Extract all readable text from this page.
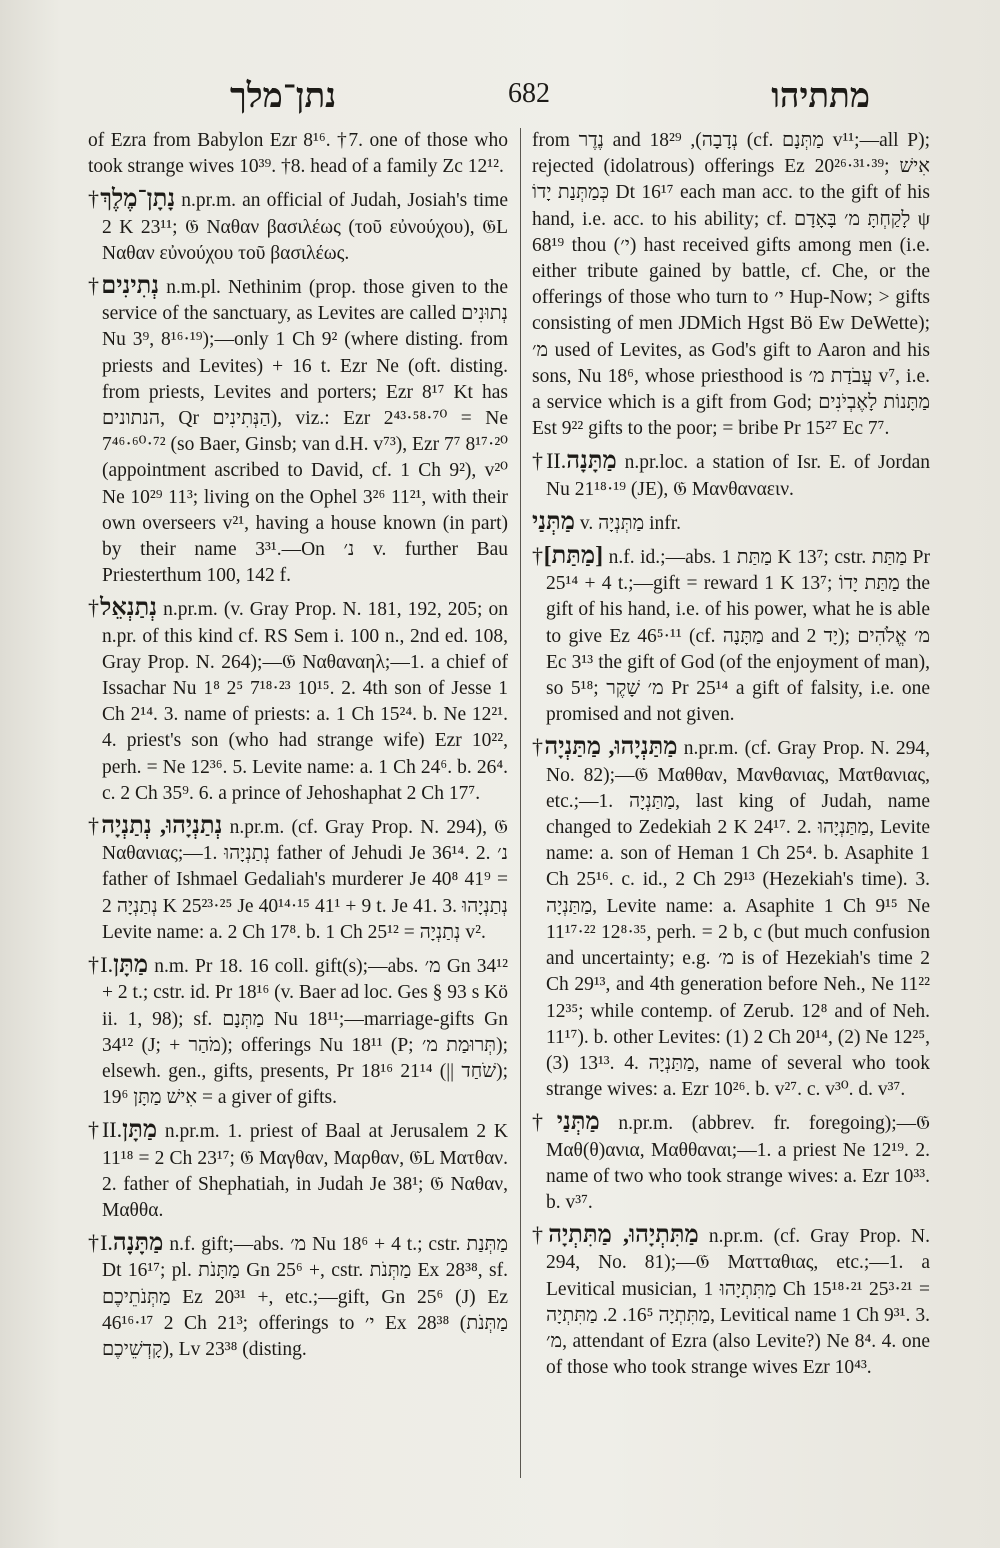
נתן־מלך	682	מתתיהו

of Ezra from Babylon Ezr 8¹⁶. †7. one of those who took strange wives 10³⁹. †8. head of a family Zc 12¹².

†נָתָן־מֶלֶךְ n.pr.m. an official of Judah, Josiah's time 2 K 23¹¹; 𝔊 Ναθαν βασιλέως (τοῦ εὐνούχου), 𝔊L Ναθαν εὐνούχου τοῦ βασιλέως.

†נְתִינִים n.m.pl. Nethinim (prop. those given to the service of the sanctuary, as Levites are called נְתוּנִים Nu 3⁹, 8¹⁶·¹⁹);—only 1 Ch 9² (where disting. from priests and Levites) + 16 t. Ezr Ne (oft. disting. from priests, Levites and porters; Ezr 8¹⁷ Kt has הנתונים, Qr הַנְּתִינִים), viz.: Ezr 2⁴³·⁵⁸·⁷⁰ = Ne 7⁴⁶·⁶⁰·⁷² (so Baer, Ginsb; van d.H. v⁷³), Ezr 7⁷ 8¹⁷·²⁰ (appointment ascribed to David, cf. 1 Ch 9²), v²⁰ Ne 10²⁹ 11³; living on the Ophel 3²⁶ 11²¹, with their own overseers v²¹, having a house known (in part) by their name 3³¹.—On נ׳ v. further Bau Priesterthum 100, 142 f.

†נְתַנְאֵל n.pr.m. (v. Gray Prop. N. 181, 192, 205; on n.pr. of this kind cf. RS Sem i. 100 n., 2nd ed. 108, Gray Prop. N. 264);—𝔊 Ναθαναηλ;—1. a chief of Issachar Nu 1⁸ 2⁵ 7¹⁸·²³ 10¹⁵. 2. 4th son of Jesse 1 Ch 2¹⁴. 3. name of priests: a. 1 Ch 15²⁴. b. Ne 12²¹. 4. priest's son (who had strange wife) Ezr 10²², perh. = Ne 12³⁶. 5. Levite name: a. 1 Ch 24⁶. b. 26⁴. c. 2 Ch 35⁹. 6. a prince of Jehoshaphat 2 Ch 17⁷.

†נְתַנְיָהוּ, נְתַנְיָה n.pr.m. (cf. Gray Prop. N. 294), 𝔊 Ναθανιας;—1. נְתַנְיָהוּ father of Jehudi Je 36¹⁴. 2. נ׳ father of Ishmael Gedaliah's murderer Je 40⁸ 41⁹ = נְתַנְיָה 2 K 25²³·²⁵ Je 40¹⁴·¹⁵ 41¹ + 9 t. Je 41. 3. נְתַנְיָהוּ Levite name: a. 2 Ch 17⁸. b. 1 Ch 25¹² = נְתַנְיָה v².

†I.מַתָּן n.m. Pr 18. 16 coll. gift(s);—abs. מ׳ Gn 34¹² + 2 t.; cstr. id. Pr 18¹⁶ (v. Baer ad loc. Ges § 93 s Kö ii. 1, 98); sf. מַתְּנָם Nu 18¹¹;—marriage-gifts Gn 34¹² (J; + מֹהַר); offerings Nu 18¹¹ (P; תְּרוּמַת מ׳); elsewh. gen., gifts, presents, Pr 18¹⁶ 21¹⁴ (|| שֹׁחַד); אִישׁ מַתָּן 19⁶ = a giver of gifts.

†II.מַתָּן n.pr.m. 1. priest of Baal at Jerusalem 2 K 11¹⁸ = 2 Ch 23¹⁷; 𝔊 Μαγθαν, Μαρθαν, 𝔊L Ματθαν. 2. father of Shephatiah, in Judah Je 38¹; 𝔊 Ναθαν, Μαθθα.

†I.מַתָּנָה n.f. gift;—abs. מ׳ Nu 18⁶ + 4 t.; cstr. מַתְּנַת Dt 16¹⁷; pl. מַתָּנֹת Gn 25⁶ +, cstr. מַתְּנֹת Ex 28³⁸, sf. מַתְּנֹתֵיכֶם Ez 20³¹ +, etc.;—gift, Gn 25⁶ (J) Ez 46¹⁶·¹⁷ 2 Ch 21³; offerings to י׳ Ex 28³⁸ (מַתְּנֹת קָדְשֵׁיכֶם), Lv 23³⁸ (disting.

from נֶדֶר and נְדָבָה), 18²⁹ (cf. מַתְּנָם v¹¹;—all P); rejected (idolatrous) offerings Ez 20²⁶·³¹·³⁹; אִישׁ כְּמַתְּנַת יָדוֹ Dt 16¹⁷ each man acc. to the gift of his hand, i.e. acc. to his ability; cf. לָקַחְתָּ מ׳ בָּאָדָם ψ 68¹⁹ thou (י׳) hast received gifts among men (i.e. either tribute gained by battle, cf. Che, or the offerings of those who turn to י׳ Hup-Now; > gifts consisting of men JDMich Hgst Bö Ew DeWette); מ׳ used of Levites, as God's gift to Aaron and his sons, Nu 18⁶, whose priesthood is עֲבֹדַת מ׳ v⁷, i.e. a service which is a gift from God; מַתָּנוֹת לָאֶבְיֹנִים Est 9²² gifts to the poor; = bribe Pr 15²⁷ Ec 7⁷.

†II.מַתָּנָה n.pr.loc. a station of Isr. E. of Jordan Nu 21¹⁸·¹⁹ (JE), 𝔊 Μανθαναειν.

מַתְּנַי v. מַתְּנְיָה infr.

†[מַתַּת] n.f. id.;—abs. מַתַּת 1 K 13⁷; cstr. מַתַּת Pr 25¹⁴ + 4 t.;—gift = reward 1 K 13⁷; מַתַּת יָדוֹ the gift of his hand, i.e. of his power, what he is able to give Ez 46⁵·¹¹ (cf. מַתָּנָה and יָד 2); מ׳ אֱלֹהִים Ec 3¹³ the gift of God (of the enjoyment of man), so 5¹⁸; מ׳ שָׁקֶר Pr 25¹⁴ a gift of falsity, i.e. one promised and not given.

†מַתַּנְיָהוּ, מַתַּנְיָה n.pr.m. (cf. Gray Prop. N. 294, No. 82);—𝔊 Μαθθαν, Μανθανιας, Ματθανιας, etc.;—1. מַתַּנְיָה, last king of Judah, name changed to Zedekiah 2 K 24¹⁷. 2. מַתַּנְיָהוּ, Levite name: a. son of Heman 1 Ch 25⁴. b. Asaphite 1 Ch 25¹⁶. c. id., 2 Ch 29¹³ (Hezekiah's time). 3. מַתַּנְיָה, Levite name: a. Asaphite 1 Ch 9¹⁵ Ne 11¹⁷·²² 12⁸·³⁵, perh. = 2 b, c (but much confusion and uncertainty; e.g. מ׳ is of Hezekiah's time 2 Ch 29¹³, and 4th generation before Neh., Ne 11²² 12³⁵; while contemp. of Zerub. 12⁸ and of Neh. 11¹⁷). b. other Levites: (1) 2 Ch 20¹⁴, (2) Ne 12²⁵, (3) 13¹³. 4. מַתַּנְיָה, name of several who took strange wives: a. Ezr 10²⁶. b. v²⁷. c. v³⁰. d. v³⁷.

†מַתְּנַי n.pr.m. (abbrev. fr. foregoing);—𝔊 Μαθ(θ)ανια, Μαθθαναι;—1. a priest Ne 12¹⁹. 2. name of two who took strange wives: a. Ezr 10³³. b. v³⁷.

†מַתִּתְיָהוּ, מַתִּתְיָה n.pr.m. (cf. Gray Prop. N. 294, No. 81);—𝔊 Ματταθιας, etc.;—1. a Levitical musician, מַתִּתְיָהוּ 1 Ch 15¹⁸·²¹ 25³·²¹ = מַתִּתְיָה 16⁵. 2. מַתִּתְיָה, Levitical name 1 Ch 9³¹. 3. מ׳, attendant of Ezra (also Levite?) Ne 8⁴. 4. one of those who took strange wives Ezr 10⁴³.
